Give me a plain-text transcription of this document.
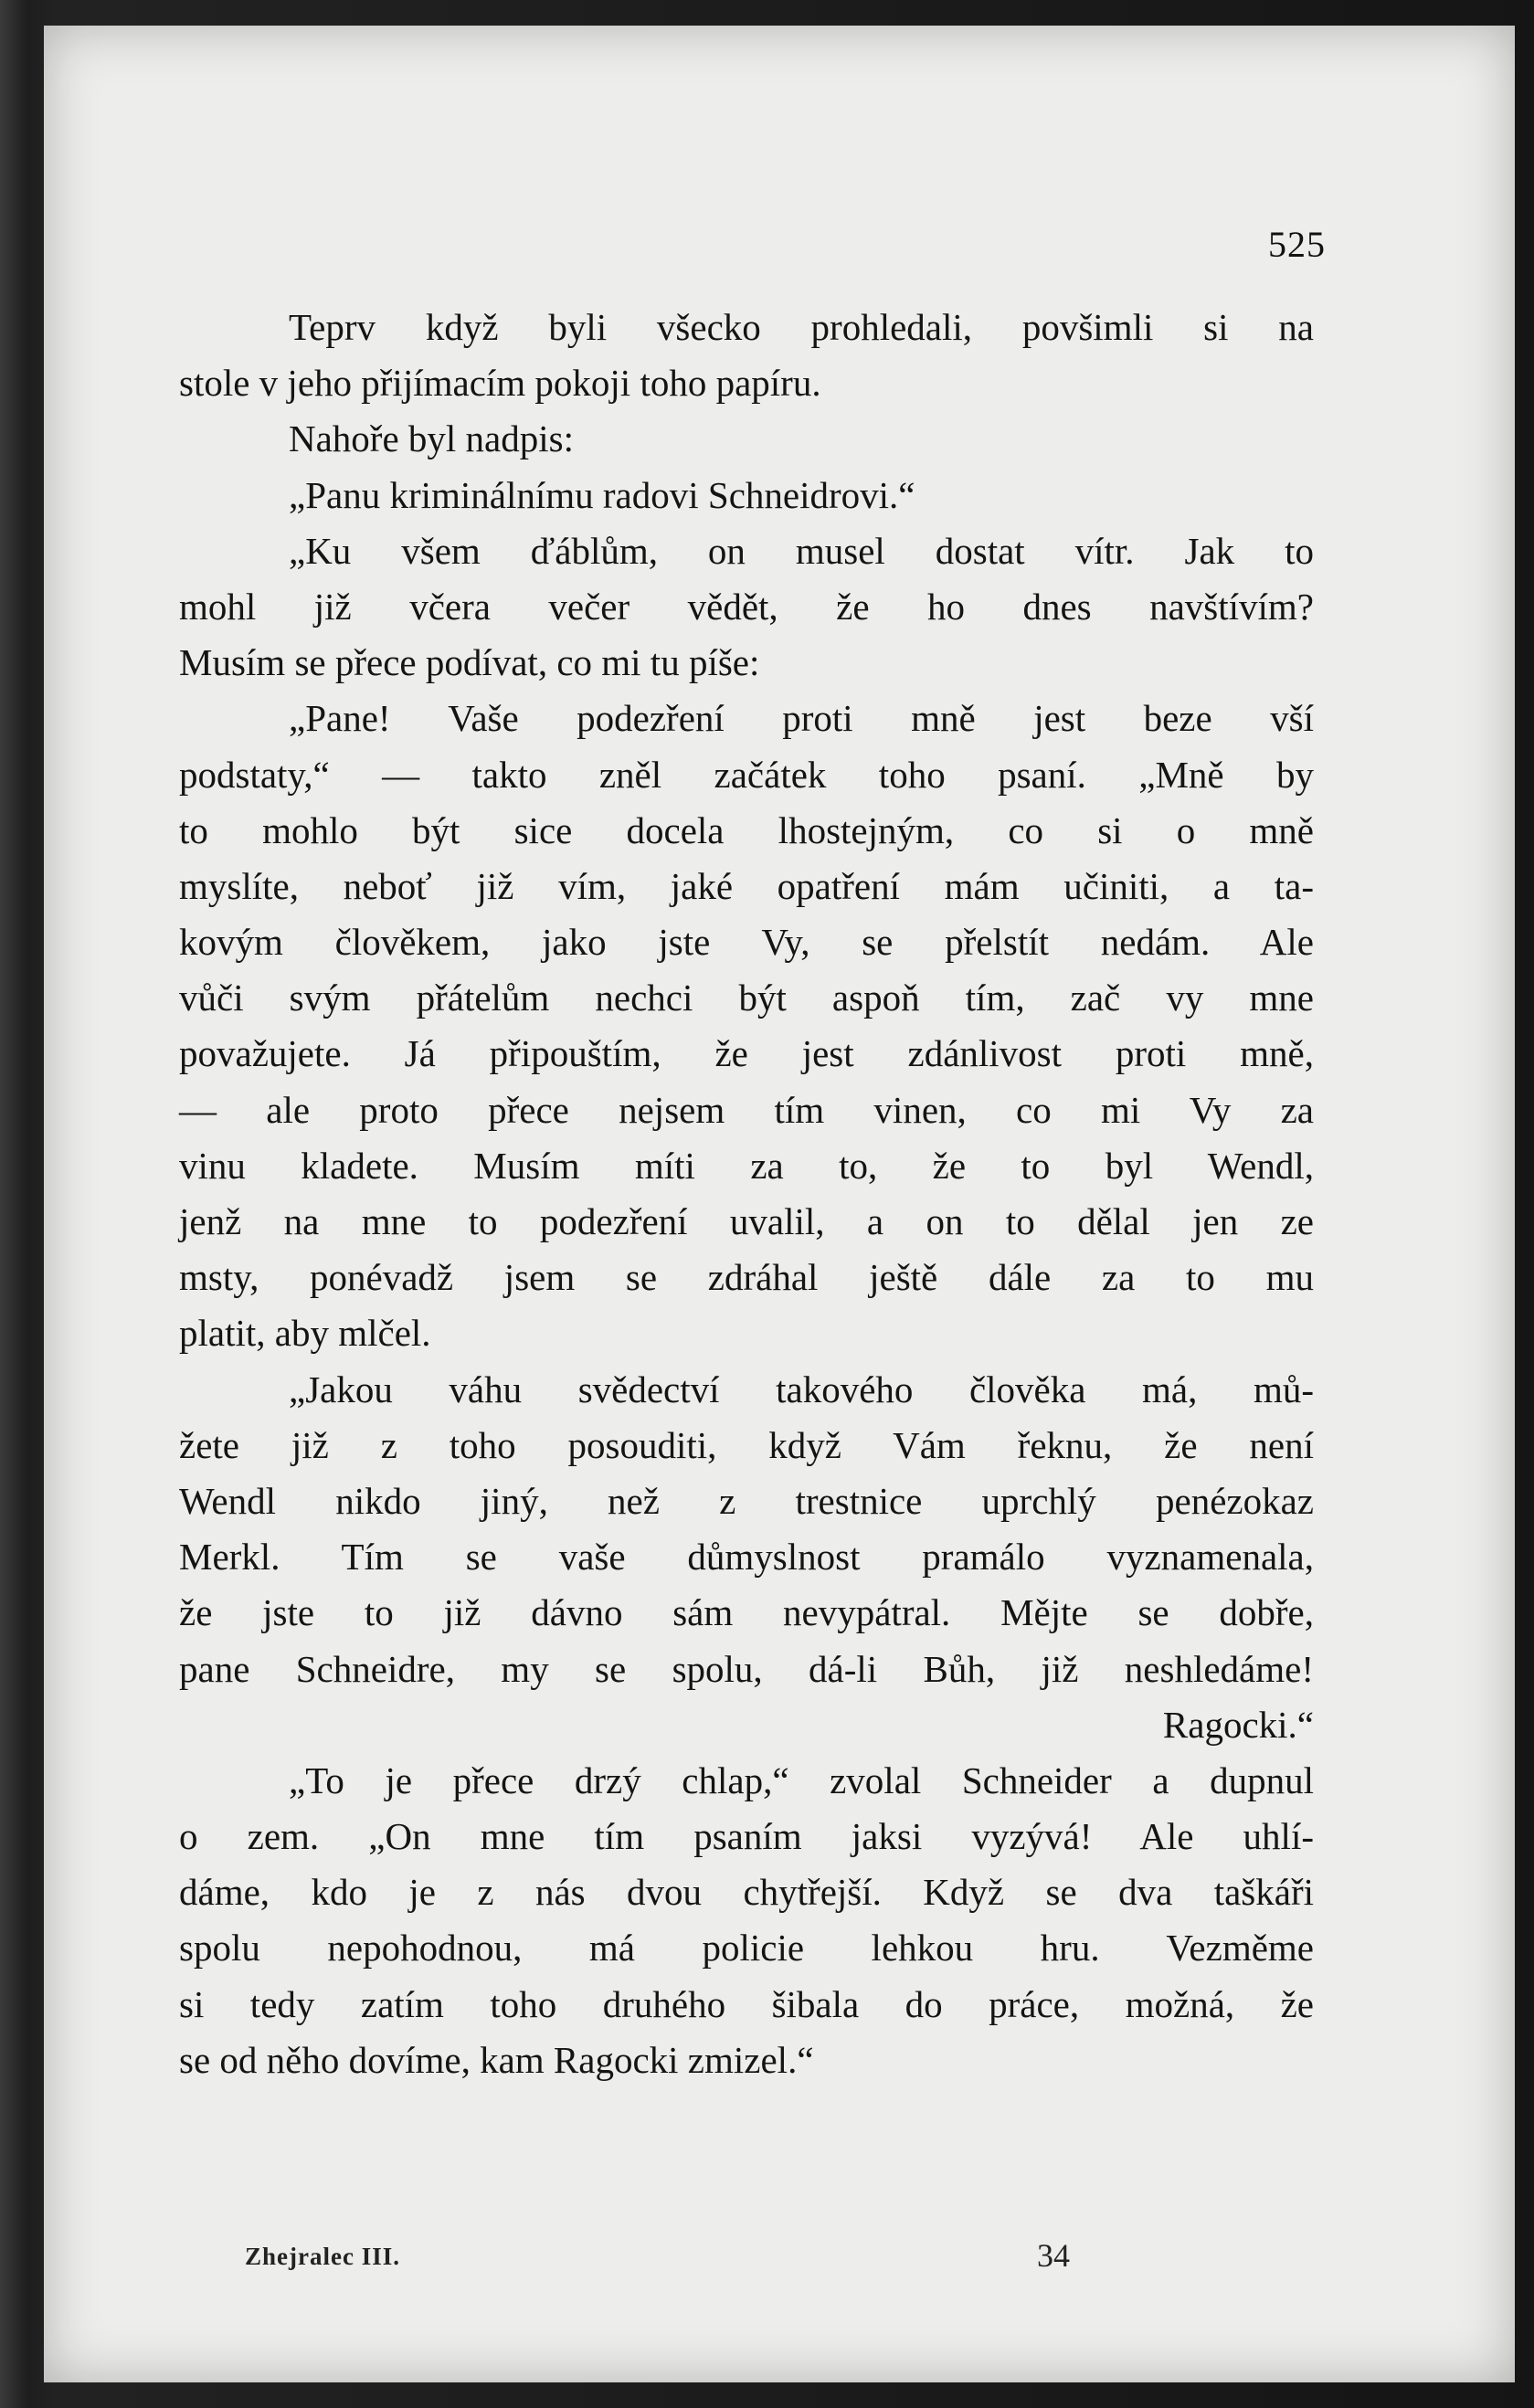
525
Teprv když byli všecko prohledali, povšimli si na
stole v jeho přijímacím pokoji toho papíru.
Nahoře byl nadpis:
„Panu kriminálnímu radovi Schneidrovi.“
„Ku všem ďáblům, on musel dostat vítr. Jak to
mohl již včera večer vědět, že ho dnes navštívím?
Musím se přece podívat, co mi tu píše:
„Pane! Vaše podezření proti mně jest beze vší
podstaty,“ — takto zněl začátek toho psaní. „Mně by
to mohlo být sice docela lhostejným, co si o mně
myslíte, neboť již vím, jaké opatření mám učiniti, a ta-
kovým člověkem, jako jste Vy, se přelstít nedám. Ale
vůči svým přátelům nechci být aspoň tím, zač vy mne
považujete. Já připouštím, že jest zdánlivost proti mně,
— ale proto přece nejsem tím vinen, co mi Vy za
vinu kladete. Musím míti za to, že to byl Wendl,
jenž na mne to podezření uvalil, a on to dělal jen ze
msty, ponévadž jsem se zdráhal ještě dále za to mu
platit, aby mlčel.
„Jakou váhu svědectví takového člověka má, mů-
žete již z toho posouditi, když Vám řeknu, že není
Wendl nikdo jiný, než z trestnice uprchlý penézokaz
Merkl. Tím se vaše důmyslnost pramálo vyznamenala,
že jste to již dávno sám nevypátral. Mějte se dobře,
pane Schneidre, my se spolu, dá-li Bůh, již neshledáme!
Ragocki.“
„To je přece drzý chlap,“ zvolal Schneider a dupnul
o zem. „On mne tím psaním jaksi vyzývá! Ale uhlí-
dáme, kdo je z nás dvou chytřejší. Když se dva taškáři
spolu nepohodnou, má policie lehkou hru. Vezměme
si tedy zatím toho druhého šibala do práce, možná, že
se od něho dovíme, kam Ragocki zmizel.“
Zhejralec III.	34
